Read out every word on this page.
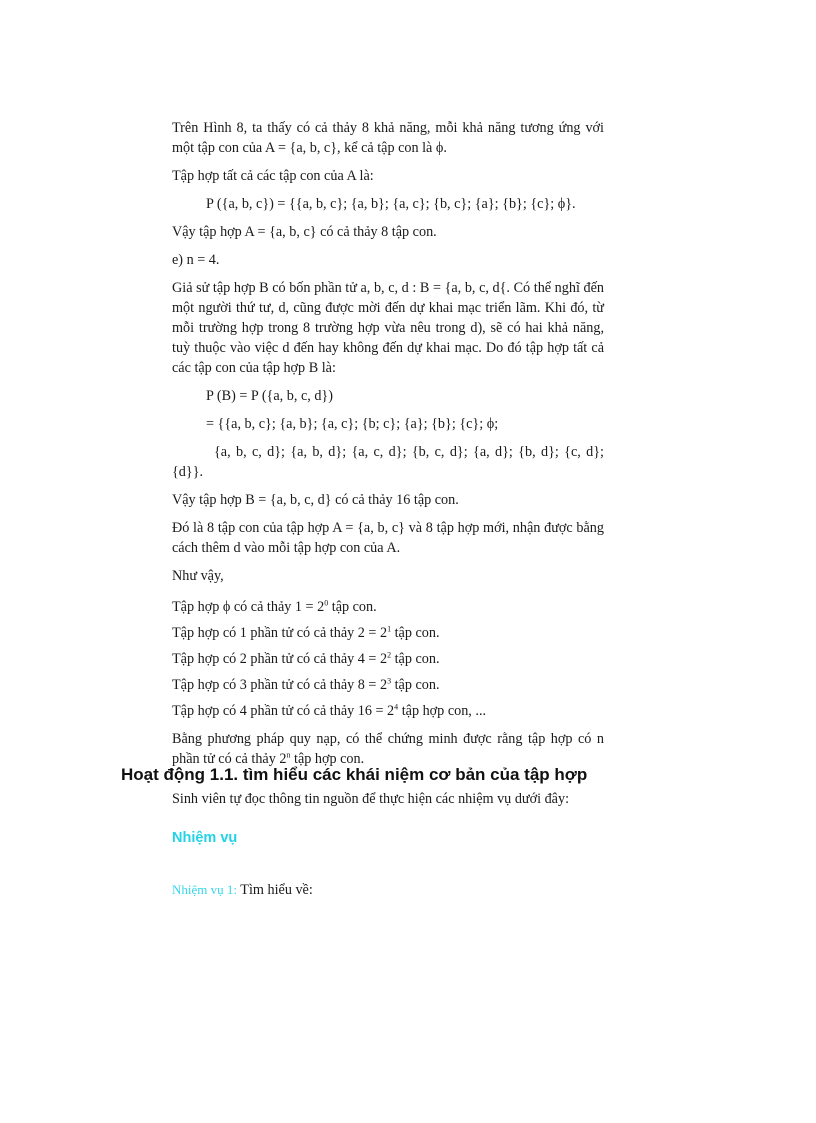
Trên Hình 8, ta thấy có cả thảy 8 khả năng, mỗi khả năng tương ứng với một tập con của A = {a, b, c}, kể cả tập con là ϕ.

Tập hợp tất cả các tập con của A là:

P ({a, b, c}) = {{a, b, c}; {a, b}; {a, c}; {b, c}; {a}; {b}; {c}; ϕ}.

Vậy tập hợp A = {a, b, c} có cả thảy 8 tập con.

e) n = 4.

Giả sử tập hợp B có bốn phần tử a, b, c, d : B = {a, b, c, d{. Có thể nghĩ đến một người thứ tư, d, cũng được mời đến dự khai mạc triển lãm. Khi đó, từ mỗi trường hợp trong 8 trường hợp vừa nêu trong d), sẽ có hai khả năng, tuỳ thuộc vào việc d đến hay không đến dự khai mạc. Do đó tập hợp tất cả các tập con của tập hợp B là:

P (B) = P ({a, b, c, d})

= {{a, b, c}; {a, b}; {a, c}; {b; c}; {a}; {b}; {c}; ϕ;

{a, b, c, d}; {a, b, d}; {a, c, d}; {b, c, d}; {a, d}; {b, d}; {c, d}; {d}}.

Vậy tập hợp B = {a, b, c, d} có cả thảy 16 tập con.

Đó là 8 tập con của tập hợp A = {a, b, c} và 8 tập hợp mới, nhận được bằng cách thêm d vào mỗi tập hợp con của A.

Như vậy,

Tập hợp ϕ có cả thảy $1 = 2^0$ tập con.

Tập hợp có 1 phần tử có cả thảy $2 = 2^1$ tập con.

Tập hợp có 2 phần tử có cả thảy $4 = 2^2$ tập con.

Tập hợp có 3 phần tử có cả thảy $8 = 2^3$ tập con.

Tập hợp có 4 phần tử có cả thảy $16 = 2^4$ tập hợp con, ...

Bằng phương pháp quy nạp, có thể chứng minh được rằng tập hợp có n phần tử có cả thảy 2$^n$ tập hợp con.

Hoạt động 1.1. tìm hiểu các khái niệm cơ bản của tập hợp
Sinh viên tự đọc thông tin nguồn để thực hiện các nhiệm vụ dưới đây:
Nhiệm vụ
Nhiệm vụ 1: Tìm hiểu về:
